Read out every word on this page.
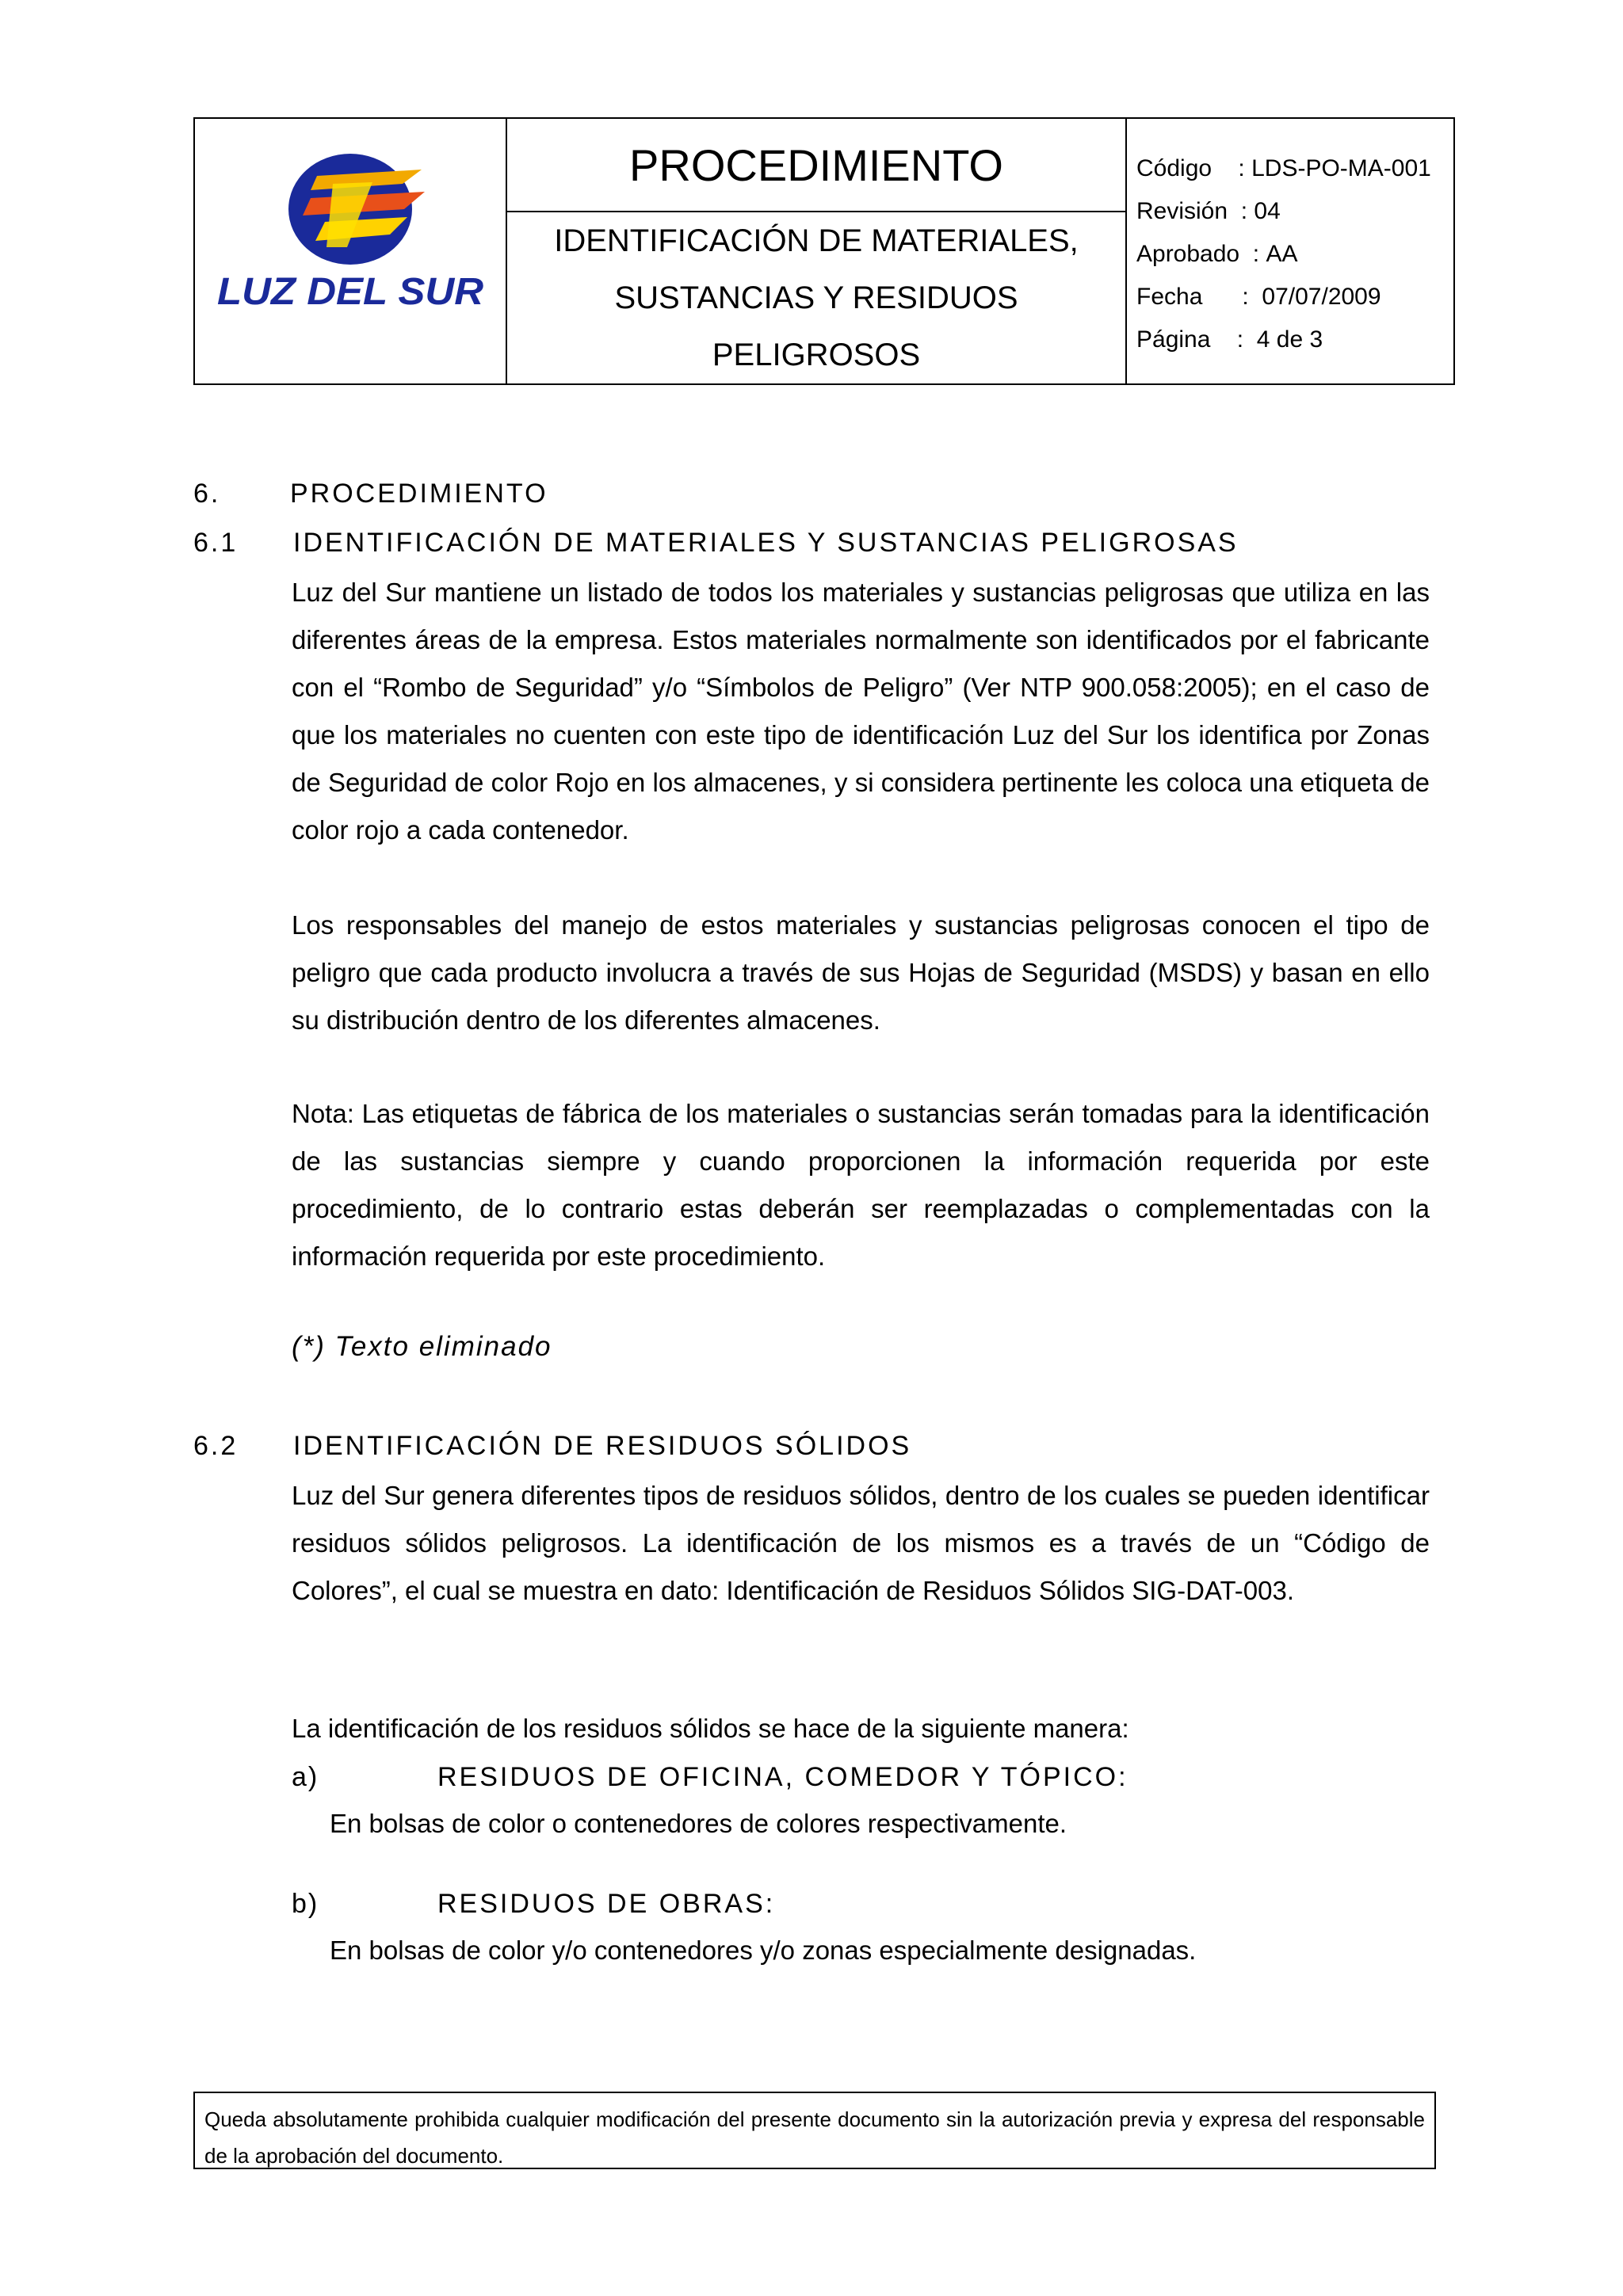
LUZ DEL SUR
PROCEDIMIENTO
IDENTIFICACIÓN DE MATERIALES,
SUSTANCIAS Y RESIDUOS
PELIGROSOS
Código : LDS-PO-MA-001
Revisión : 04
Aprobado : AA
Fecha : 07/07/2009
Página : 4 de 3
6.	PROCEDIMIENTO
6.1 IDENTIFICACIÓN DE MATERIALES Y SUSTANCIAS PELIGROSAS

Luz del Sur mantiene un listado de todos los materiales y sustancias peligrosas que utiliza en las diferentes áreas de la empresa. Estos materiales normalmente son identificados por el fabricante con el “Rombo de Seguridad” y/o “Símbolos de Peligro” (Ver NTP 900.058:2005); en el caso de que los materiales no cuenten con este tipo de identificación Luz del Sur los identifica por Zonas de Seguridad de color Rojo en los almacenes, y si considera pertinente les coloca una etiqueta de color rojo a cada contenedor.

Los responsables del manejo de estos materiales y sustancias peligrosas conocen el tipo de peligro que cada producto involucra a través de sus Hojas de Seguridad (MSDS) y basan en ello su distribución dentro de los diferentes almacenes.

Nota: Las etiquetas de fábrica de los materiales o sustancias serán tomadas para la identificación de las sustancias siempre y cuando proporcionen la información requerida por este procedimiento, de lo contrario estas deberán ser reemplazadas o complementadas con la información requerida por este procedimiento.

(*) Texto eliminado
6.2 IDENTIFICACIÓN DE RESIDUOS SÓLIDOS

Luz del Sur genera diferentes tipos de residuos sólidos, dentro de los cuales se pueden identificar residuos sólidos peligrosos. La identificación de los mismos es a través de un “Código de Colores”, el cual se muestra en dato: Identificación de Residuos Sólidos SIG-DAT-003.

La identificación de los residuos sólidos se hace de la siguiente manera:

a)	RESIDUOS DE OFICINA, COMEDOR Y TÓPICO:

En bolsas de color o contenedores de colores respectivamente.

b)	RESIDUOS DE OBRAS:

En bolsas de color y/o contenedores y/o zonas especialmente designadas.

Queda absolutamente prohibida cualquier modificación del presente documento sin la autorización previa y expresa del responsable de la aprobación del documento.
